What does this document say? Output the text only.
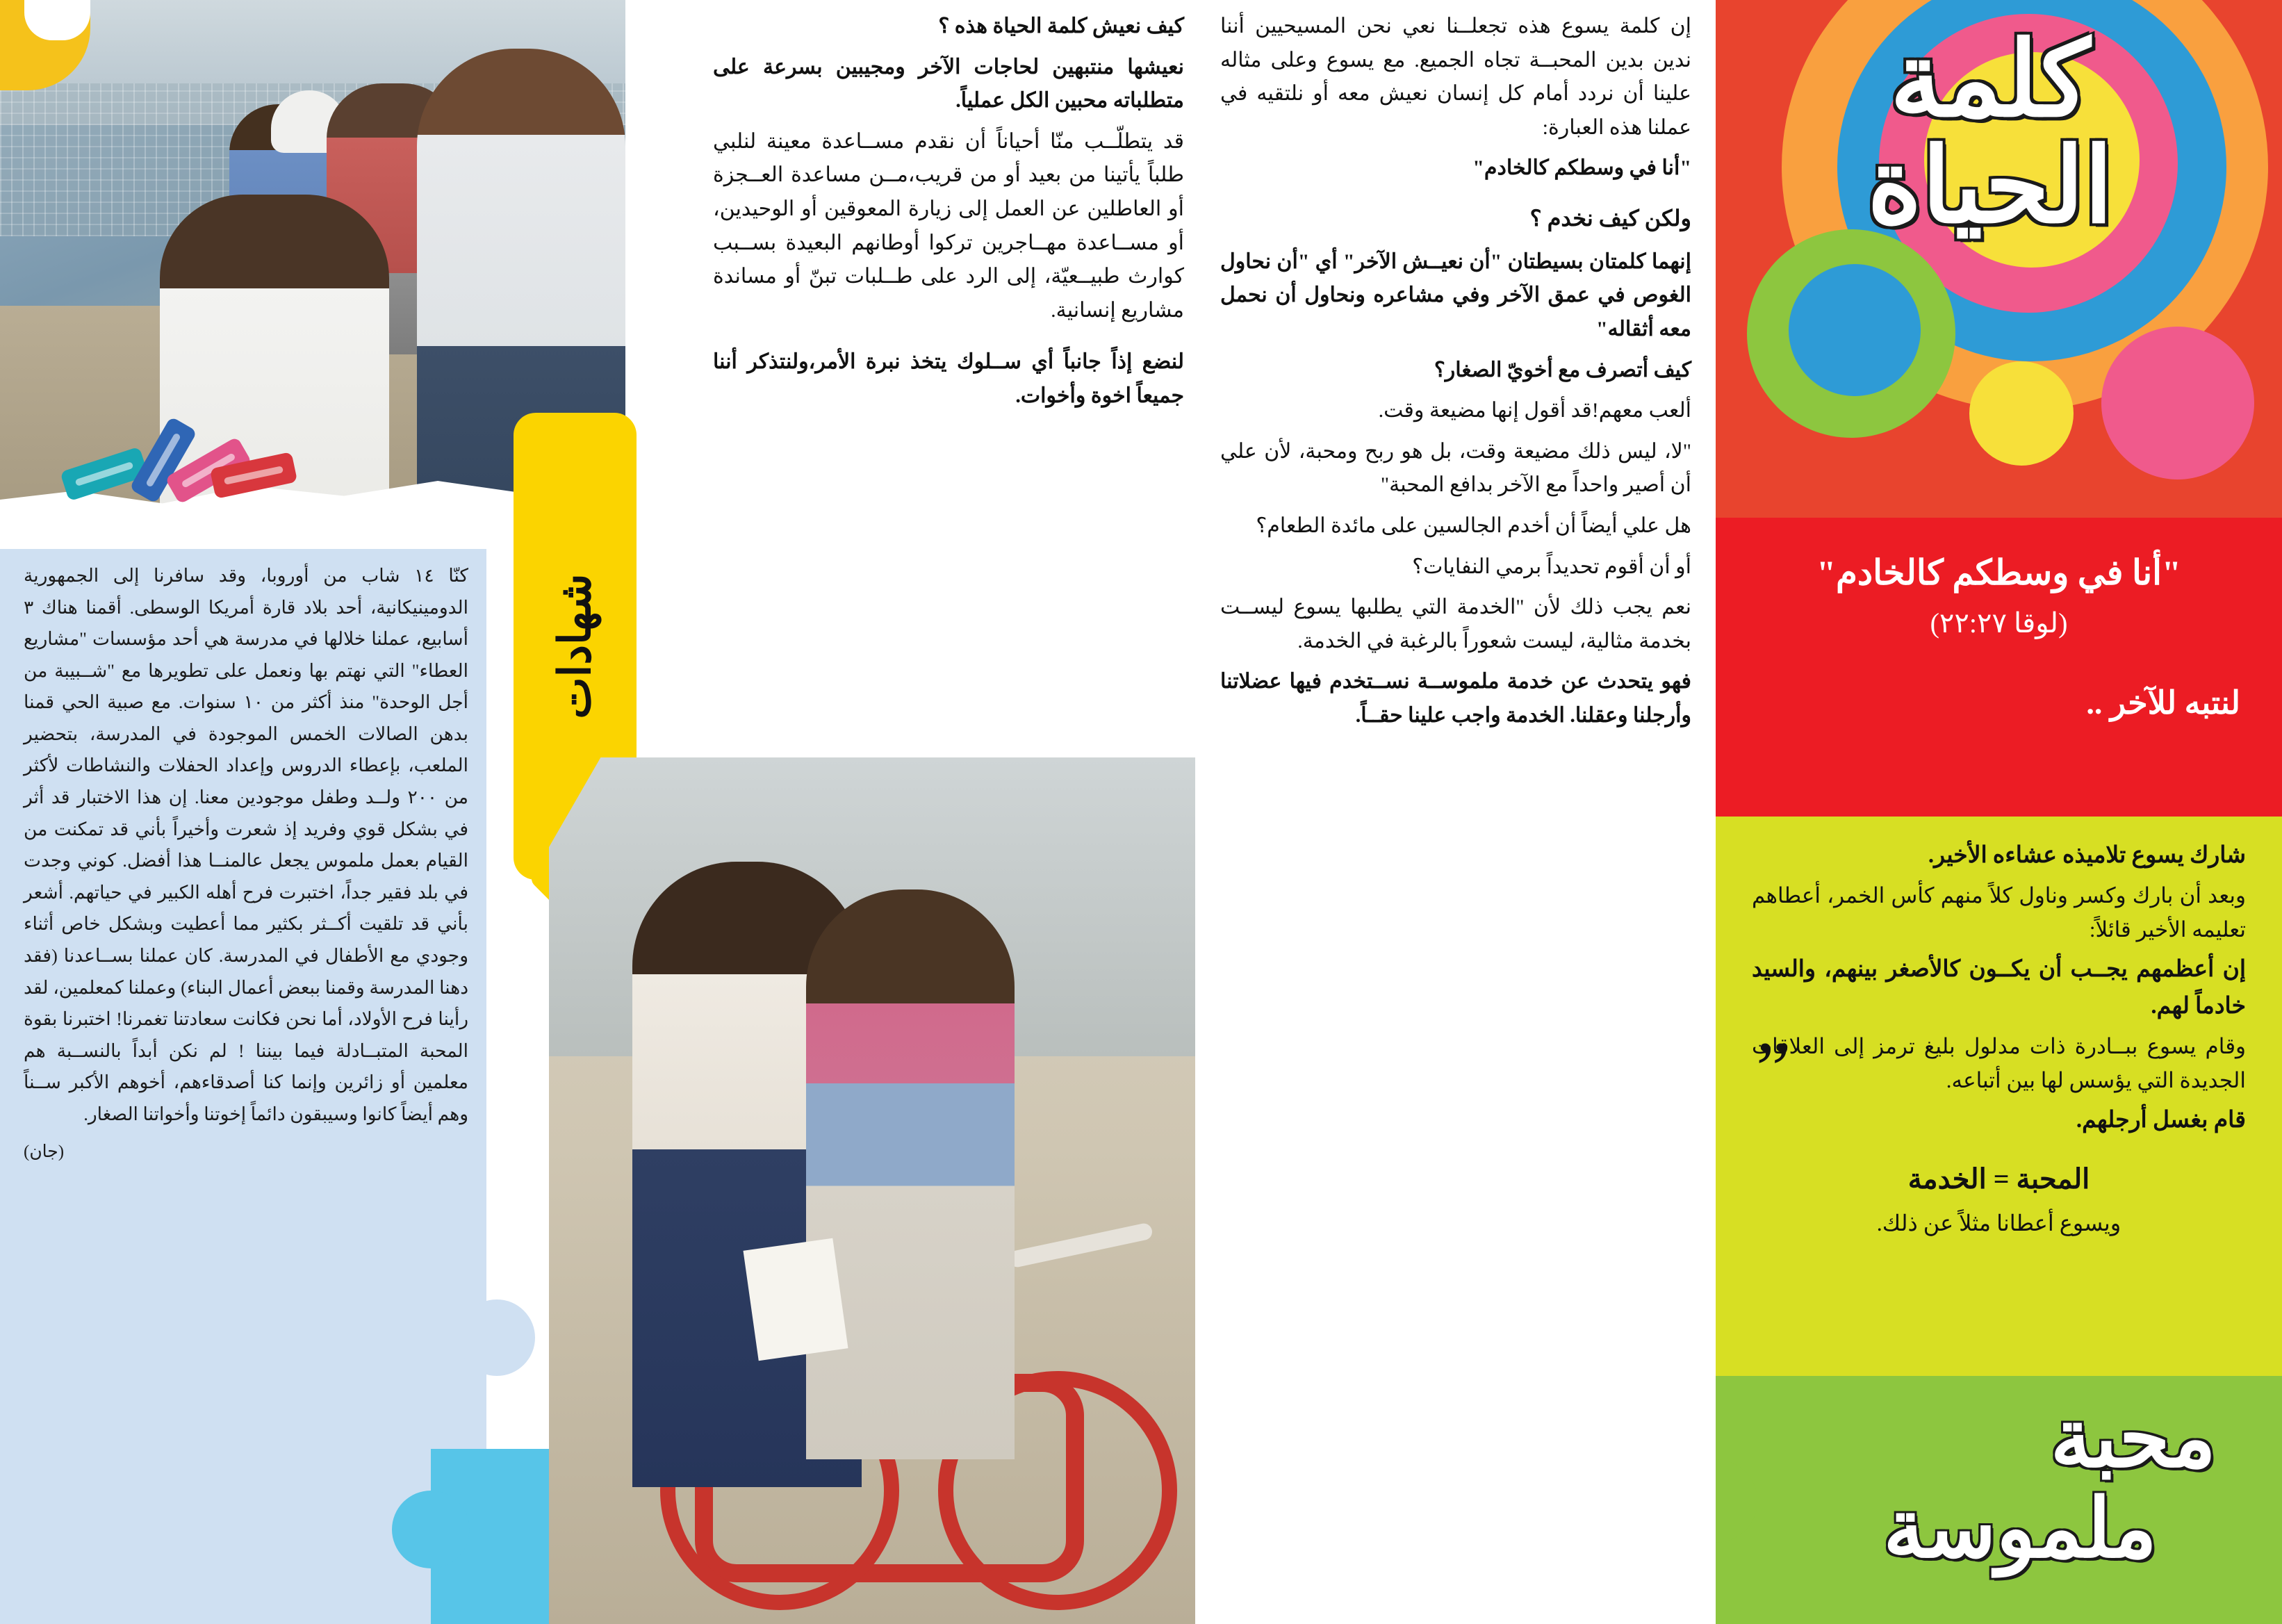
كنّا ١٤ شاب من أوروبا، وقد سافرنا إلى الجمهورية الدومينيكانية، أحد بلاد قارة أمريكا الوسطى. أقمنا هناك ٣ أسابيع، عملنا خلالها في مدرسة هي أحد مؤسسات "مشاريع العطاء" التي نهتم بها ونعمل على تطويرها مع "شــبيبة من أجل الوحدة" منذ أكثر من ١٠ سنوات. مع صبية الحي قمنا بدهن الصالات الخمس الموجودة في المدرسة، بتحضير الملعب، بإعطاء الدروس وإعداد الحفلات والنشاطات لأكثر من ٢٠٠ ولــد وطفل موجودين معنا. إن هذا الاختبار قد أثر في بشكل قوي وفريد إذ شعرت وأخيراً بأني قد تمكنت من القيام بعمل ملموس يجعل عالمنــا هذا أفضل. كوني وجدت في بلد فقير جداً، اختبرت فرح أهله الكبير في حياتهم. أشعر بأني قد تلقيت أكــثر بكثير مما أعطيت وبشكل خاص أثناء وجودي مع الأطفال في المدرسة. كان عملنا بســاعدنا (فقد دهنا المدرسة وقمنا ببعض أعمال البناء) وعملنا كمعلمين، لقد رأينا فرح الأولاد، أما نحن فكانت سعادتنا تغمرنا! اختبرنا بقوة المحبة المتبــادلة فيما بيننا ! لم نكن أبداً بالنســبة هم معلمين أو زائرين وإنما كنا أصدقاءهم، أخوهم الأكبر ســناً وهم أيضاً كانوا وسيبقون دائماً إخوتنا وأخواتنا الصغار.

(جان)
شهادات

كيف نعيش كلمة الحياة هذه ؟

نعيشها منتبهين لحاجات الآخر ومجيبين بسرعة على متطلباته محبين الكل عملياً.

قد يتطلّــب منّا أحياناً أن نقدم مســاعدة معينة لنلبي طلباً يأتينا من بعيد أو من قريب،مــن مساعدة العــجزة أو العاطلين عن العمل إلى زيارة المعوقين أو الوحيدين، أو مســاعدة مهــاجرين تركوا أوطانهم البعيدة بســبب كوارث طبيــعيّة، إلى الرد على طــلبات تبنّ أو مساندة مشاريع إنسانية.

لنضع إذاً جانباً أي ســلوك يتخذ نبرة الأمر،ولنتذكر أننا جميعاً اخوة وأخوات.

إن كلمة يسوع هذه تجعلــنا نعي نحن المسيحيين أننا ندين بدين المحبــة تجاه الجميع. مع يسوع وعلى مثاله علينا أن نردد أمام كل إنسان نعيش معه أو نلتقيه في عملنا هذه العبارة:

"أنا في وسطكم كالخادم"

ولكن كيف نخدم ؟

إنهما كلمتان بسيطتان "أن نعيــش الآخر" أي "أن نحاول الغوص في عمق الآخر وفي مشاعره ونحاول أن نحمل معه أثقاله"

كيف أتصرف مع أخويّ الصغار؟

ألعب معهم!قد أقول إنها مضيعة وقت.

"لا، ليس ذلك مضيعة وقت، بل هو ربح ومحبة، لأن علي أن أصير واحداً مع الآخر بدافع المحبة"

هل علي أيضاً أن أخدم الجالسين على مائدة الطعام؟

أو أن أقوم تحديداً برمي النفايات؟

نعم يجب ذلك لأن "الخدمة التي يطلبها يسوع ليســت بخدمة مثالية، ليست شعوراً بالرغبة في الخدمة.

فهو يتحدث عن خدمة ملموســة نســتخدم فيها عضلاتنا وأرجلنا وعقلنا. الخدمة واجب علينا حقــاً.

كلمة
الحياة
"أنا في وسطكم كالخادم"
(لوقا ٢٢:٢٧)
لنتبه للآخر ..

شارك يسوع تلاميذه عشاءه الأخير.

وبعد أن بارك وكسر وناول كلاً منهم كأس الخمر، أعطاهم تعليمه الأخير قائلاً:

إن أعظمهم يجــب أن يكــون كالأصغر بينهم، والسيد خادماً لهم.

وقام يسوع ببــادرة ذات مدلول بليغ ترمز إلى العلاقات الجديدة التي يؤسس لها بين أتباعه.

قام بغسل أرجلهم.

المحبة = الخدمة

ويسوع أعطانا مثلاً عن ذلك.

”
محبة
ملموسة
